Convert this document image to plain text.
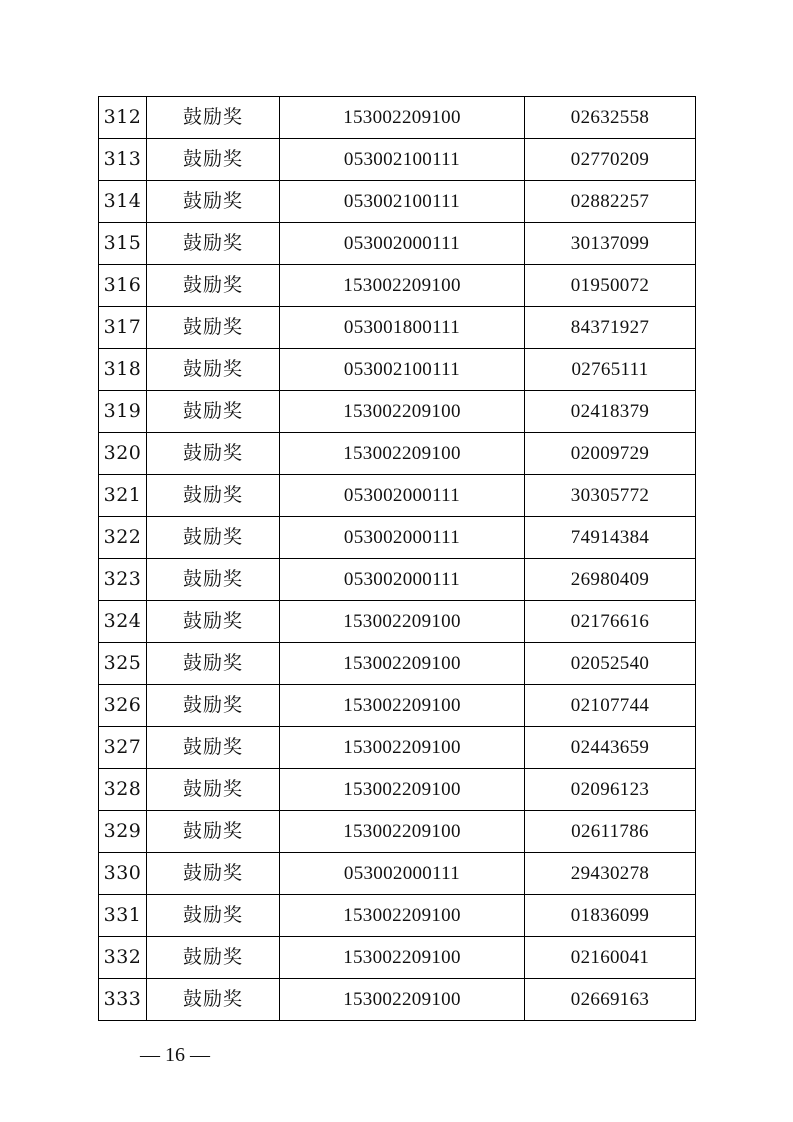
312	鼓励奖	153002209100	02632558
313	鼓励奖	053002100111	02770209
314	鼓励奖	053002100111	02882257
315	鼓励奖	053002000111	30137099
316	鼓励奖	153002209100	01950072
317	鼓励奖	053001800111	84371927
318	鼓励奖	053002100111	02765111
319	鼓励奖	153002209100	02418379
320	鼓励奖	153002209100	02009729
321	鼓励奖	053002000111	30305772
322	鼓励奖	053002000111	74914384
323	鼓励奖	053002000111	26980409
324	鼓励奖	153002209100	02176616
325	鼓励奖	153002209100	02052540
326	鼓励奖	153002209100	02107744
327	鼓励奖	153002209100	02443659
328	鼓励奖	153002209100	02096123
329	鼓励奖	153002209100	02611786
330	鼓励奖	053002000111	29430278
331	鼓励奖	153002209100	01836099
332	鼓励奖	153002209100	02160041
333	鼓励奖	153002209100	02669163
— 16 —
